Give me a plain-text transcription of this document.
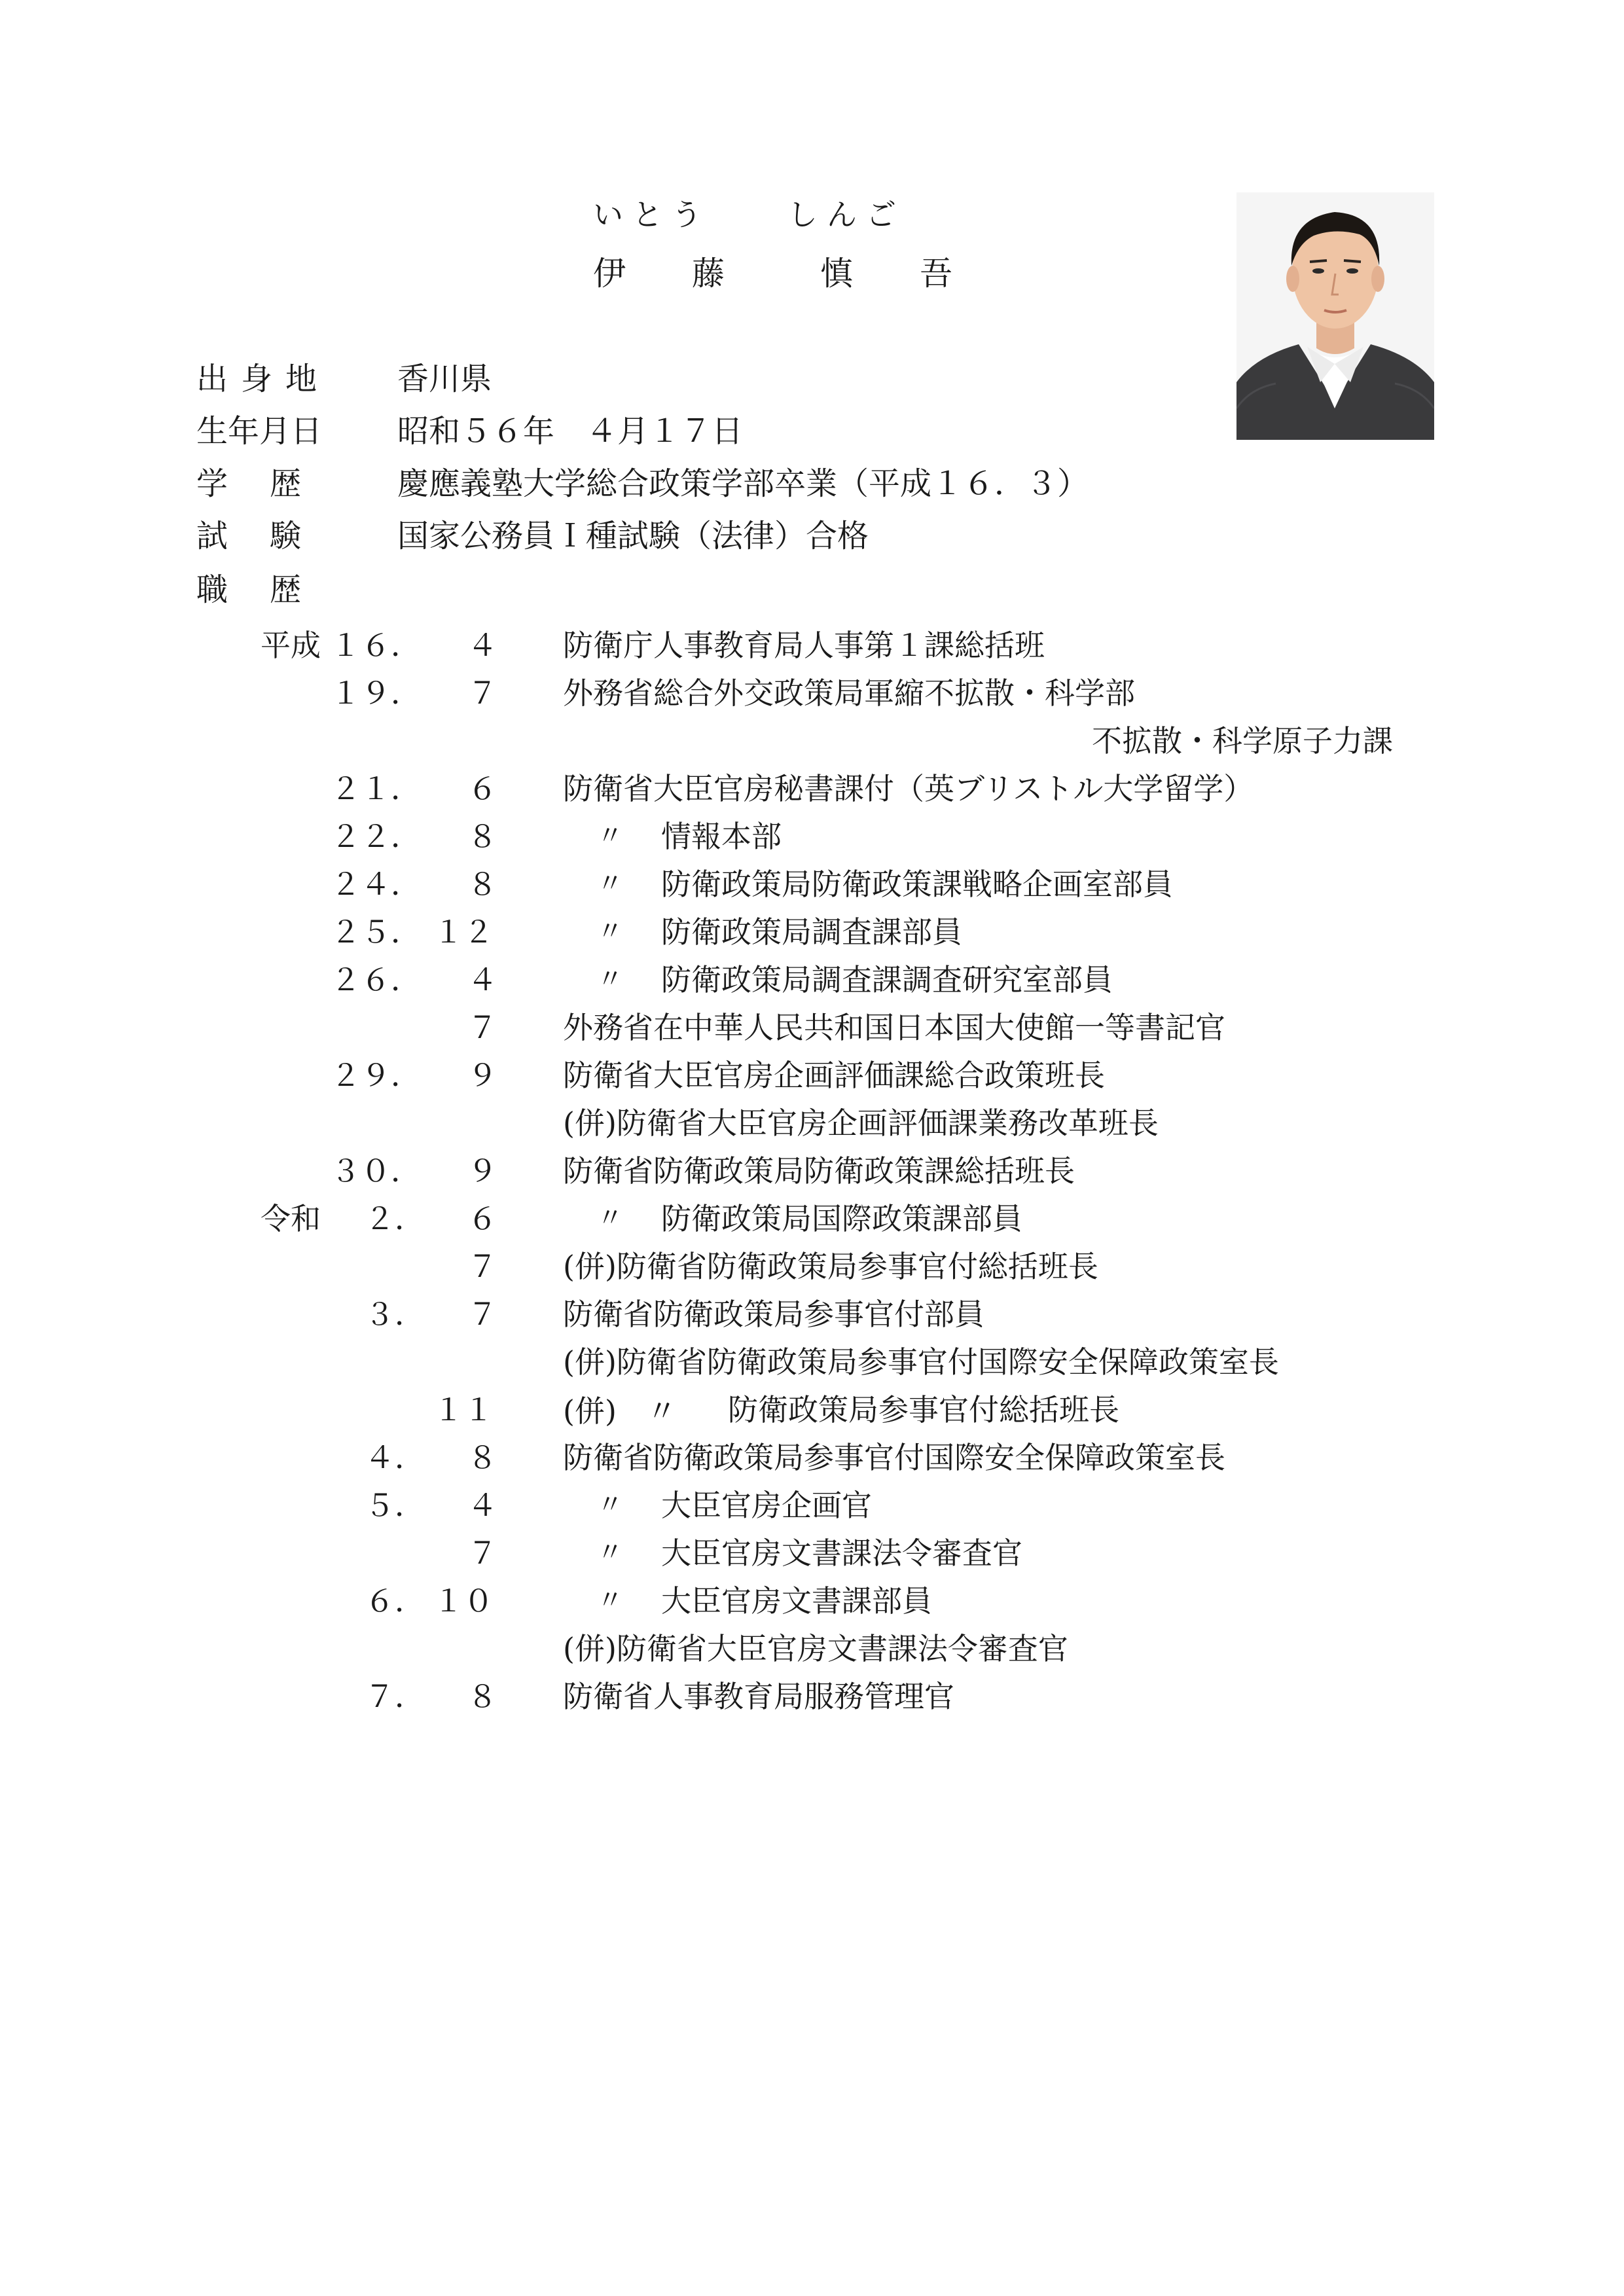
いとう	しんご
伊 藤	慎 吾
出身地 香川県
生年月日 昭和５６年　４月１７日
学　歴	慶應義塾大学総合政策学部卒業（平成１６．３）
試　験	国家公務員Ｉ種試験（法律）合格
職　歴
平成 １６． ４ 防衛庁人事教育局人事第１課総括班
１９． ７ 外務省総合外交政策局軍縮不拡散・科学部
不拡散・科学原子力課
２１． ６ 防衛省大臣官房秘書課付（英ブリストル大学留学）
２２． ８	〃 情報本部
２４． ８	〃 防衛政策局防衛政策課戦略企画室部員
２５． １２	〃 防衛政策局調査課部員
２６． ４	〃 防衛政策局調査課調査研究室部員
７ 外務省在中華人民共和国日本国大使館一等書記官
２９． ９ 防衛省大臣官房企画評価課総合政策班長
(併)防衛省大臣官房企画評価課業務改革班長
３０． ９ 防衛省防衛政策局防衛政策課総括班長
令和 ２． ６	〃 防衛政策局国際政策課部員
７ (併)防衛省防衛政策局参事官付総括班長
３． ７ 防衛省防衛政策局参事官付部員
(併)防衛省防衛政策局参事官付国際安全保障政策室長
１１ (併)　〃 防衛政策局参事官付総括班長
４． ８ 防衛省防衛政策局参事官付国際安全保障政策室長
５． ４	〃 大臣官房企画官
７	〃 大臣官房文書課法令審査官
６． １０	〃 大臣官房文書課部員
(併)防衛省大臣官房文書課法令審査官
７． ８ 防衛省人事教育局服務管理官
